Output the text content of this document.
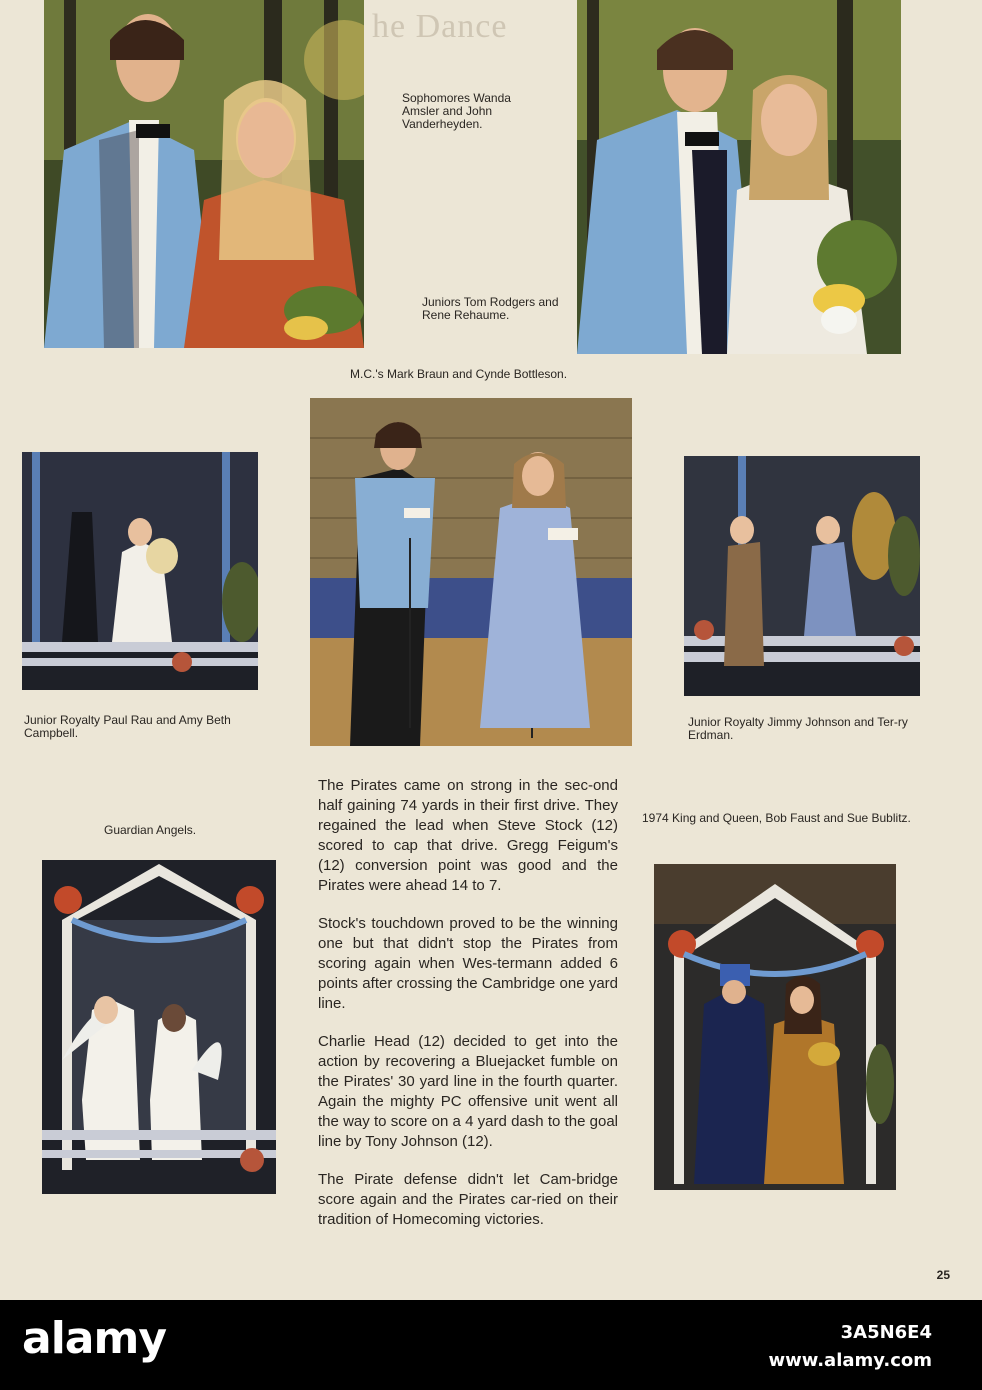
he Dance
Sophomores Wanda Amsler and John Vanderheyden.
Juniors Tom Rodgers and Rene Rehaume.
M.C.'s Mark Braun and Cynde Bottleson.
Junior Royalty Paul Rau and Amy Beth Campbell.
Junior Royalty Jimmy Johnson and Ter-ry Erdman.
Guardian Angels.
1974 King and Queen, Bob Faust and Sue Bublitz.

The Pirates came on strong in the sec-ond half gaining 74 yards in their first drive. They regained the lead when Steve Stock (12) scored to cap that drive. Gregg Feigum's (12) conversion point was good and the Pirates were ahead 14 to 7.

Stock's touchdown proved to be the winning one but that didn't stop the Pirates from scoring again when Wes-termann added 6 points after crossing the Cambridge one yard line.

Charlie Head (12) decided to get into the action by recovering a Bluejacket fumble on the Pirates' 30 yard line in the fourth quarter. Again the mighty PC offensive unit went all the way to score on a 4 yard dash to the goal line by Tony Johnson (12).

The Pirate defense didn't let Cam-bridge score again and the Pirates car-ried on their tradition of Homecoming victories.

25
alamy	3A5N6E4
www.alamy.com
